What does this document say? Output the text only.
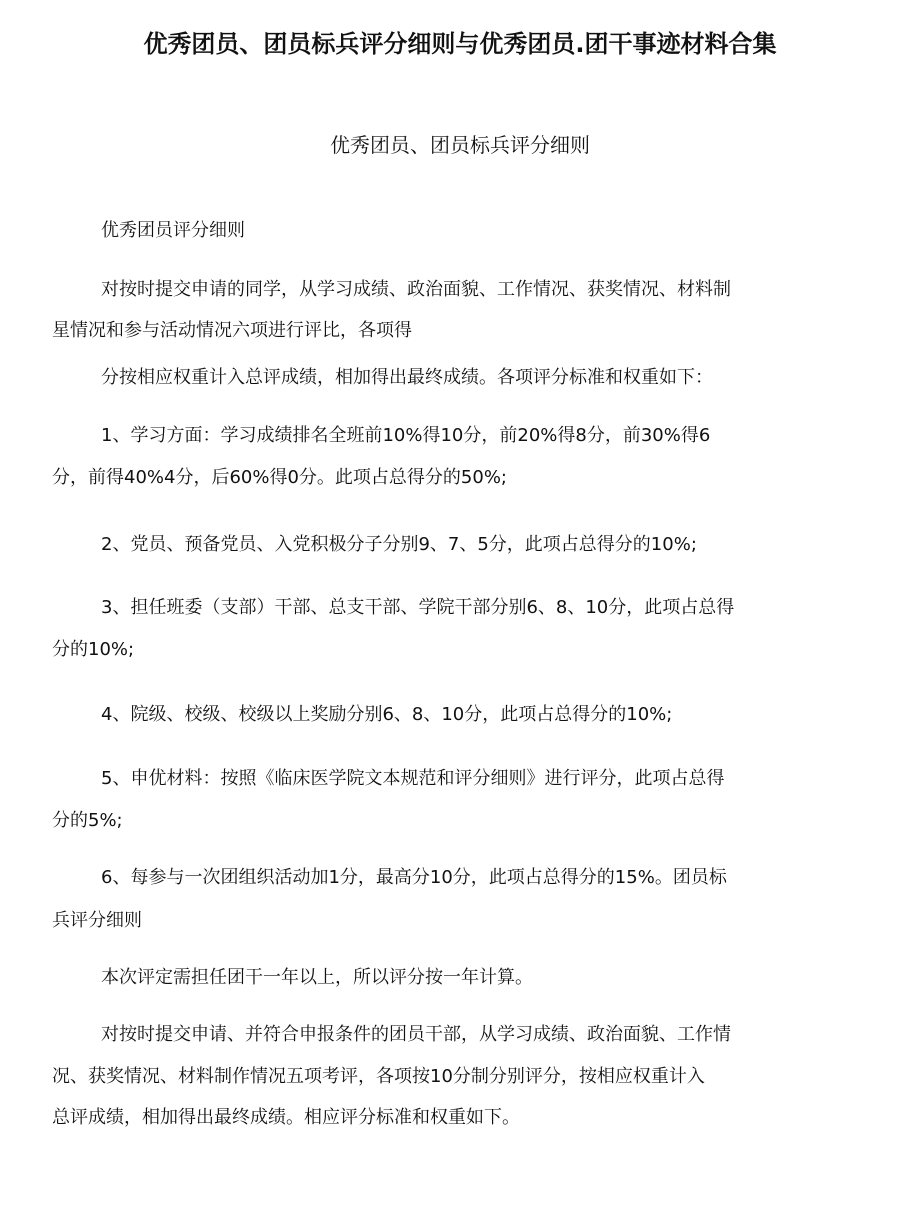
优秀团员、团员标兵评分细则与优秀团员.团干事迹材料合集
优秀团员、团员标兵评分细则
优秀团员评分细则
对按时提交申请的同学，从学习成绩、政治面貌、工作情况、获奖情况、材料制
星情况和参与活动情况六项进行评比，各项得
分按相应权重计入总评成绩，相加得出最终成绩。各项评分标准和权重如下：
1、学习方面：学习成绩排名全班前10%得10分，前20%得8分，前30%得6
分，前得40%4分，后60%得0分。此项占总得分的50%;
2、党员、预备党员、入党积极分子分别9、7、5分，此项占总得分的10%;
3、担任班委（支部）干部、总支干部、学院干部分别6、8、10分，此项占总得
分的10%;
4、院级、校级、校级以上奖励分别6、8、10分，此项占总得分的10%;
5、申优材料：按照《临床医学院文本规范和评分细则》进行评分，此项占总得
分的5%;
6、每参与一次团组织活动加1分，最高分10分，此项占总得分的15%。团员标
兵评分细则
本次评定需担任团干一年以上，所以评分按一年计算。
对按时提交申请、并符合申报条件的团员干部，从学习成绩、政治面貌、工作情
况、获奖情况、材料制作情况五项考评，各项按10分制分别评分，按相应权重计入
总评成绩，相加得出最终成绩。相应评分标准和权重如下。
